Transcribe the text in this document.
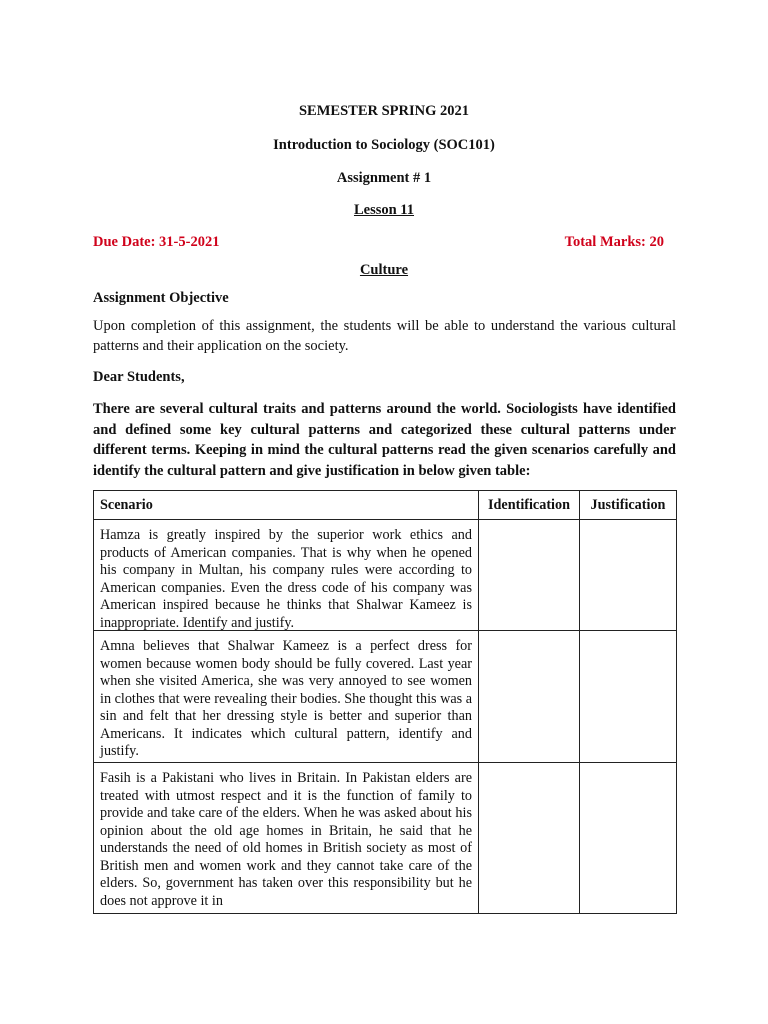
SEMESTER SPRING 2021
Introduction to Sociology (SOC101)
Assignment # 1
Lesson 11
Due Date: 31-5-2021	Total Marks: 20
Culture
Assignment Objective
Upon completion of this assignment, the students will be able to understand the various cultural patterns and their application on the society.
Dear Students,
There are several cultural traits and patterns around the world. Sociologists have identified and defined some key cultural patterns and categorized these cultural patterns under different terms. Keeping in mind the cultural patterns read the given scenarios carefully and identify the cultural pattern and give justification in below given table:
Scenario	Identification	Justification

Hamza is greatly inspired by the superior work ethics and products of American companies. That is why when he opened his company in Multan, his company rules were according to American companies. Even the dress code of his company was American inspired because he thinks that Shalwar Kameez is inappropriate. Identify and justify.		

Amna believes that Shalwar Kameez is a perfect dress for women because women body should be fully covered. Last year when she visited America, she was very annoyed to see women in clothes that were revealing their bodies. She thought this was a sin and felt that her dressing style is better and superior than Americans. It indicates which cultural pattern, identify and justify.		

Fasih is a Pakistani who lives in Britain. In Pakistan elders are treated with utmost respect and it is the function of family to provide and take care of the elders. When he was asked about his opinion about the old age homes in Britain, he said that he understands the need of old homes in British society as most of British men and women work and they cannot take care of the elders. So, government has taken over this responsibility but he does not approve it in		
